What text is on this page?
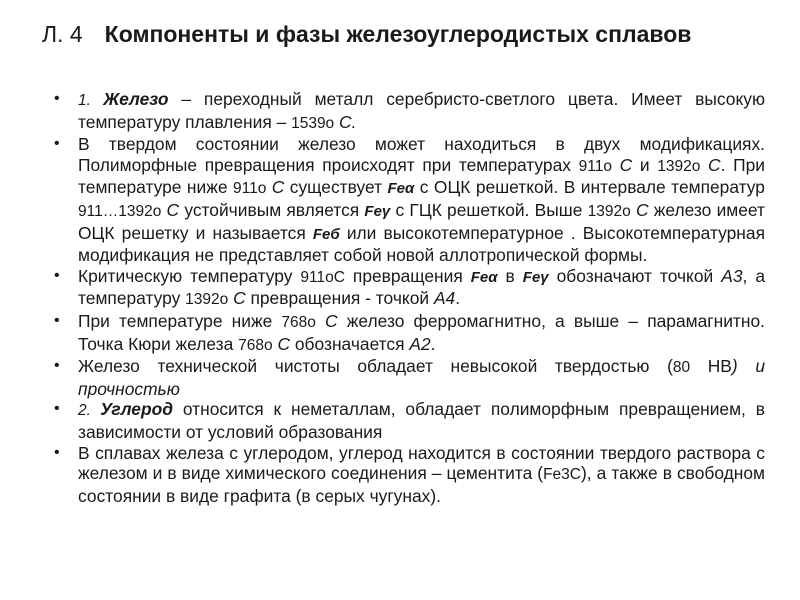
Л. 4 Компоненты и фазы железоуглеродистых сплавов
• 1. Железо – переходный металл серебристо-светлого цвета. Имеет высокую температуру плавления – 1539о С.
• В твердом состоянии железо может находиться в двух модификациях. Полиморфные превращения происходят при температурах 911о С и 1392о С. При температуре ниже 911о С существует Feα с ОЦК решеткой. В интервале температур 911…1392о С устойчивым является Feγ с ГЦК решеткой. Выше 1392о С железо имеет ОЦК решетку и называется Feб или высокотемпературное . Высокотемпературная модификация не представляет собой новой аллотропической формы.
• Критическую температуру 911оС превращения Feα в Feγ обозначают точкой А3, а температуру 1392о С превращения - точкой А4.
• При температуре ниже 768о С железо ферромагнитно, а выше – парамагнитно. Точка Кюри железа 768о С обозначается А2.
• Железо технической чистоты обладает невысокой твердостью (80 НВ) и прочностью
• 2. Углерод относится к неметаллам, обладает полиморфным превращением, в зависимости от условий образования
• В сплавах железа с углеродом, углерод находится в состоянии твердого раствора с железом и в виде химического соединения – цементита (Fe3C), а также в свободном состоянии в виде графита (в серых чугунах).
